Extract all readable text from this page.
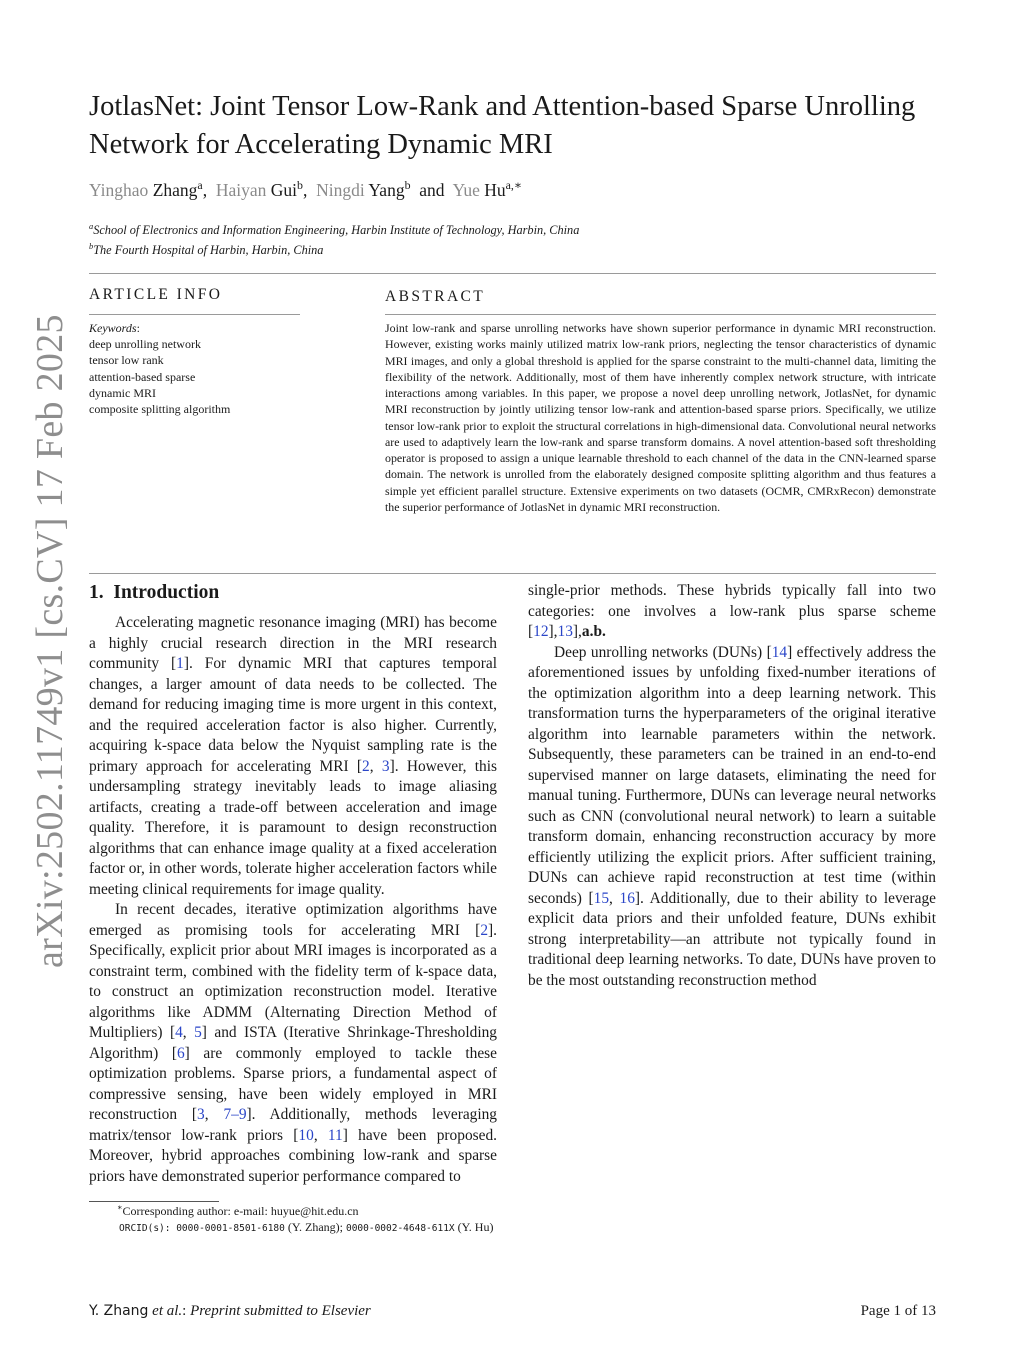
arXiv:2502.11749v1 [cs.CV] 17 Feb 2025
JotlasNet: Joint Tensor Low-Rank and Attention-based Sparse Unrolling Network for Accelerating Dynamic MRI
Yinghao Zhang$^a$, Haiyan Gui$^b$, Ningdi Yang$^b$ and Yue $Hu^{a,∗}$
$^a$School of Electronics and Information Engineering, Harbin Institute of Technology, Harbin, China
$^b$The Fourth Hospital of Harbin, Harbin, China
ARTICLE INFO
Keywords:
deep unrolling network
tensor low rank
attention-based sparse
dynamic MRI
composite splitting algorithm
ABSTRACT

Joint low-rank and sparse unrolling networks have shown superior performance in dynamic MRI reconstruction. However, existing works mainly utilized matrix low-rank priors, neglecting the tensor characteristics of dynamic MRI images, and only a global threshold is applied for the sparse constraint to the multi-channel data, limiting the flexibility of the network. Additionally, most of them have inherently complex network structure, with intricate interactions among variables. In this paper, we propose a novel deep unrolling network, JotlasNet, for dynamic MRI reconstruction by jointly utilizing tensor low-rank and attention-based sparse priors. Specifically, we utilize tensor low-rank prior to exploit the structural correlations in high-dimensional data. Convolutional neural networks are used to adaptively learn the low-rank and sparse transform domains. A novel attention-based soft thresholding operator is proposed to assign a unique learnable threshold to each channel of the data in the CNN-learned sparse domain. The network is unrolled from the elaborately designed composite splitting algorithm and thus features a simple yet efficient parallel structure. Extensive experiments on two datasets (OCMR, CMRxRecon) demonstrate the superior performance of JotlasNet in dynamic MRI reconstruction.

1. Introduction

Accelerating magnetic resonance imaging (MRI) has become a highly crucial research direction in the MRI research community [1]. For dynamic MRI that captures temporal changes, a larger amount of data needs to be collected. The demand for reducing imaging time is more urgent in this context, and the required acceleration factor is also higher. Currently, acquiring k-space data below the Nyquist sampling rate is the primary approach for accelerating MRI [2, 3]. However, this undersampling strategy inevitably leads to image aliasing artifacts, creating a trade-off between acceleration and image quality. Therefore, it is paramount to design reconstruction algorithms that can enhance image quality at a fixed acceleration factor or, in other words, tolerate higher acceleration factors while meeting clinical requirements for image quality.

In recent decades, iterative optimization algorithms have emerged as promising tools for accelerating MRI [2]. Specifically, explicit prior about MRI images is incorporated as a constraint term, combined with the fidelity term of k-space data, to construct an optimization reconstruction model. Iterative algorithms like ADMM (Alternating Direction Method of Multipliers) [4, 5] and ISTA (Iterative Shrinkage-Thresholding Algorithm) [6] are commonly employed to tackle these optimization problems. Sparse priors, a fundamental aspect of compressive sensing, have been widely employed in MRI reconstruction [3, 7–9]. Additionally, methods leveraging matrix/tensor low-rank priors [10, 11] have been proposed. Moreover, hybrid approaches combining low-rank and sparse priors have demonstrated superior performance compared to

single-prior methods. These hybrids typically fall into two categories: one involves a low-rank plus sparse scheme [12],13],a.b.

Deep unrolling networks (DUNs) [14] effectively address the aforementioned issues by unfolding fixed-number iterations of the optimization algorithm into a deep learning network. This transformation turns the hyperparameters of the original iterative algorithm into learnable parameters within the network. Subsequently, these parameters can be trained in an end-to-end supervised manner on large datasets, eliminating the need for manual tuning. Furthermore, DUNs can leverage neural networks such as CNN (convolutional neural network) to learn a suitable transform domain, enhancing reconstruction accuracy by more efficiently utilizing the explicit priors. After sufficient training, DUNs can achieve rapid reconstruction at test time (within seconds) [15, 16]. Additionally, due to their ability to leverage explicit data priors and their unfolded feature, DUNs exhibit strong interpretability—an attribute not typically found in traditional deep learning networks. To date, DUNs have proven to be the most outstanding reconstruction method

∗Corresponding author: e-mail: huyue@hit.edu.cn
ORCID(s): 0000-0001-8501-6180 (Y. Zhang); 0000-0002-4648-611X (Y. Hu)
Y. Zhang et al.: Preprint submitted to Elsevier	Page 1 of 13
